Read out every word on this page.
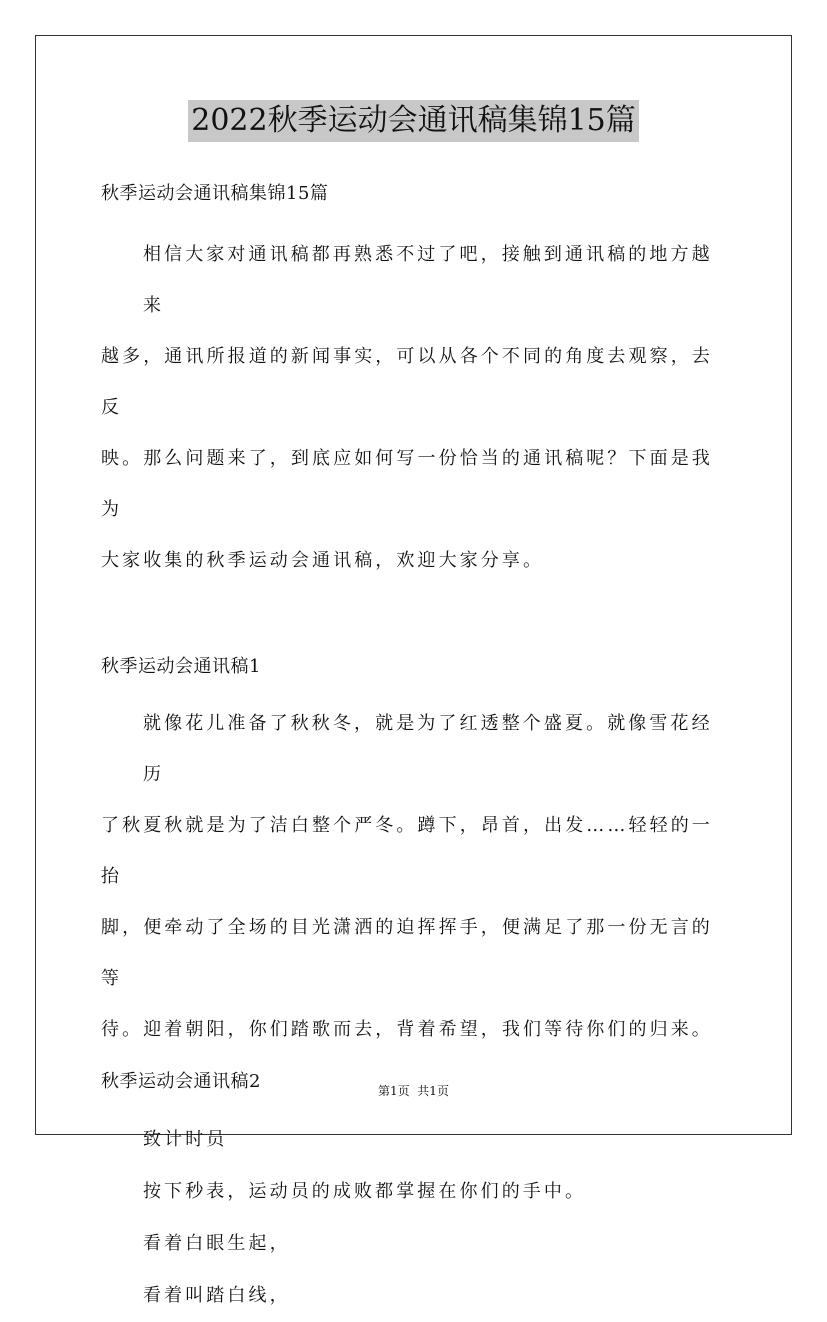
2022秋季运动会通讯稿集锦15篇

秋季运动会通讯稿集锦15篇

相信大家对通讯稿都再熟悉不过了吧，接触到通讯稿的地方越来

越多，通讯所报道的新闻事实，可以从各个不同的角度去观察，去反

映。那么问题来了，到底应如何写一份恰当的通讯稿呢？下面是我为

大家收集的秋季运动会通讯稿，欢迎大家分享。

秋季运动会通讯稿1

就像花儿准备了秋秋冬，就是为了红透整个盛夏。就像雪花经历

了秋夏秋就是为了洁白整个严冬。蹲下，昂首，出发……轻轻的一抬

脚，便牵动了全场的目光潇洒的迫挥挥手，便满足了那一份无言的等

待。迎着朝阳，你们踏歌而去，背着希望，我们等待你们的归来。

秋季运动会通讯稿2

致计时员

按下秒表，运动员的成败都掌握在你们的手中。

看着白眼生起，

看着叫踏白线，

第1页  共1页
